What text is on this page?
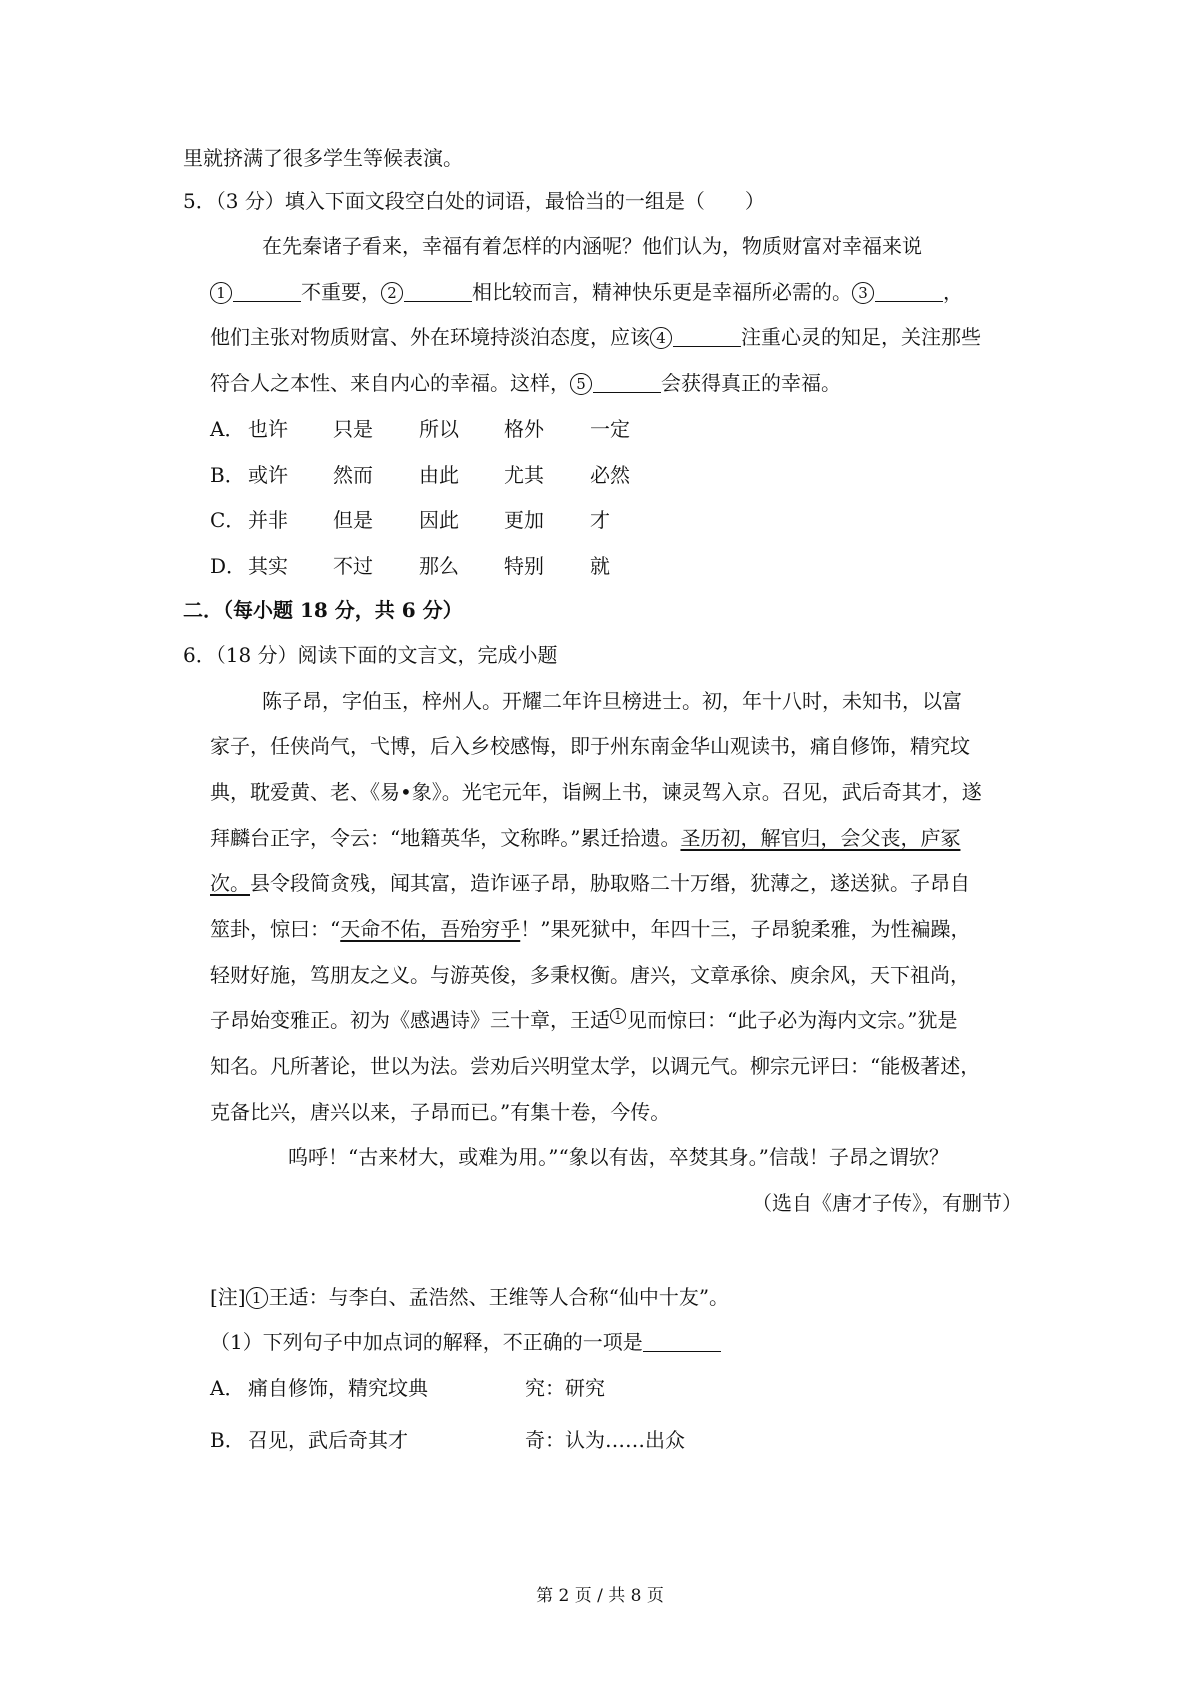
里就挤满了很多学生等候表演。
5．（3 分）填入下面文段空白处的词语，最恰当的一组是（　　）
在先秦诸子看来，幸福有着怎样的内涵呢？他们认为，物质财富对幸福来说
1	不重要， 2	相比较而言，精神快乐更是幸福所必需的。 3	，
他们主张对物质财富、外在环境持淡泊态度，应该 4	注重心灵的知足，关注那些
符合人之本性、来自内心的幸福。这样， 5	会获得真正的幸福。
A． 也许 只是 所以 格外 一定
B． 或许 然而 由此 尤其 必然
C． 并非 但是 因此 更加 才
D． 其实 不过 那么 特别 就
二．（每小题 18 分，共 6 分）
6．（18 分）阅读下面的文言文，完成小题
陈子昂，字伯玉，梓州人。开耀二年许旦榜进士。初，年十八时，未知书，以富
家子，任侠尚气，弋博，后入乡校感悔，即于州东南金华山观读书，痛自修饰，精究坟
典，耽爱黄、老、《易•象》。光宅元年，诣阙上书，谏灵驾入京。召见，武后奇其才，遂
拜麟台正字，令云：“地籍英华，文称晔。”累迁拾遗。圣历初，解官归，会父丧，庐冢
次。县令段简贪残，闻其富，造诈诬子昂，胁取赂二十万缗，犹薄之，遂送狱。子昂自
筮卦，惊曰：“天命不佑，吾殆穷乎！”果死狱中，年四十三，子昂貌柔雅，为性褊躁，
轻财好施，笃朋友之义。与游英俊，多秉权衡。唐兴，文章承徐、庾余风，天下祖尚，
子昂始变雅正。初为《感遇诗》三十章，王适 1 见而惊曰：“此子必为海内文宗。”犹是
知名。凡所著论，世以为法。尝劝后兴明堂太学，以调元气。柳宗元评曰：“能极著述，
克备比兴，唐兴以来，子昂而已。”有集十卷，今传。
呜呼！“古来材大，或难为用。”“象以有齿，卒焚其身。”信哉！子昂之谓欤？
（选自《唐才子传》，有删节）
[注] 1 王适：与李白、孟浩然、王维等人合称“仙中十友”。
（1）下列句子中加点词的解释，不正确的一项是
A． 痛自修饰，精究坟典	究：研究
B． 召见，武后奇其才	奇：认为……出众
第 2 页 / 共 8 页
